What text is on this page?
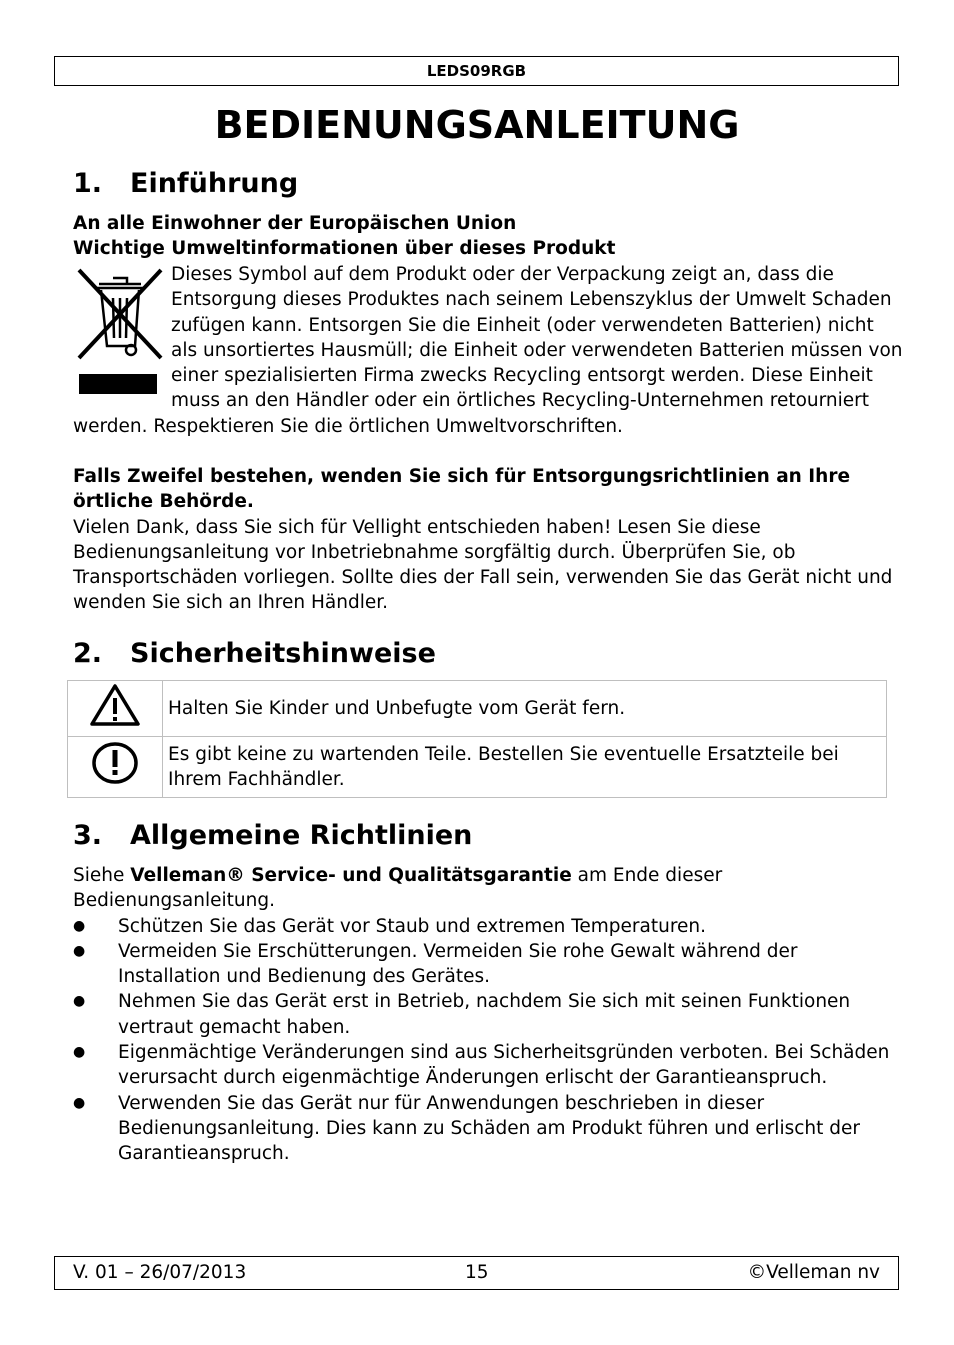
LEDS09RGB
BEDIENUNGSANLEITUNG
1. Einführung

An alle Einwohner der Europäischen Union

Wichtige Umweltinformationen über dieses Produkt

Dieses Symbol auf dem Produkt oder der Verpackung zeigt an, dass die Entsorgung dieses Produktes nach seinem Lebenszyklus der Umwelt Schaden zufügen kann. Entsorgen Sie die Einheit (oder verwendeten Batterien) nicht als unsortiertes Hausmüll; die Einheit oder verwendeten Batterien müssen von einer spezialisierten Firma zwecks Recycling entsorgt werden. Diese Einheit muss an den Händler oder ein örtliches Recycling-Unternehmen retourniert werden. Respektieren Sie die örtlichen Umweltvorschriften.

Falls Zweifel bestehen, wenden Sie sich für Entsorgungsrichtlinien an Ihre örtliche Behörde.

Vielen Dank, dass Sie sich für Vellight entschieden haben! Lesen Sie diese Bedienungsanleitung vor Inbetriebnahme sorgfältig durch. Überprüfen Sie, ob Transportschäden vorliegen. Sollte dies der Fall sein, verwenden Sie das Gerät nicht und wenden Sie sich an Ihren Händler.

2. Sicherheitshinweise
	Halten Sie Kinder und Unbefugte vom Gerät fern.
	Es gibt keine zu wartenden Teile. Bestellen Sie eventuelle Ersatzteile bei Ihrem Fachhändler.
3. Allgemeine Richtlinien

Siehe Velleman® Service- und Qualitätsgarantie am Ende dieser Bedienungsanleitung.

● Schützen Sie das Gerät vor Staub und extremen Temperaturen.
● Vermeiden Sie Erschütterungen. Vermeiden Sie rohe Gewalt während der Installation und Bedienung des Gerätes.
● Nehmen Sie das Gerät erst in Betrieb, nachdem Sie sich mit seinen Funktionen vertraut gemacht haben.
● Eigenmächtige Veränderungen sind aus Sicherheitsgründen verboten. Bei Schäden verursacht durch eigenmächtige Änderungen erlischt der Garantieanspruch.
● Verwenden Sie das Gerät nur für Anwendungen beschrieben in dieser Bedienungsanleitung. Dies kann zu Schäden am Produkt führen und erlischt der Garantieanspruch.
V. 01 – 26/07/2013	15	©Velleman nv
